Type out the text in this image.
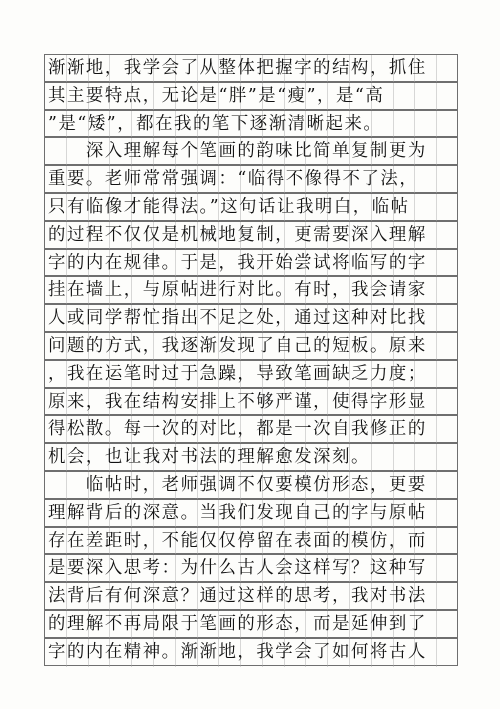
渐渐地，我学会了从整体把握字的结构，抓住
其主要特点，无论是“胖”是“瘦”，是“高
”是“矮”，都在我的笔下逐渐清晰起来。
　　深入理解每个笔画的韵味比简单复制更为
重要。老师常常强调：“临得不像得不了法，
只有临像才能得法。”这句话让我明白，临帖
的过程不仅仅是机械地复制，更需要深入理解
字的内在规律。于是，我开始尝试将临写的字
挂在墙上，与原帖进行对比。有时，我会请家
人或同学帮忙指出不足之处，通过这种对比找
问题的方式，我逐渐发现了自己的短板。原来
，我在运笔时过于急躁，导致笔画缺乏力度；
原来，我在结构安排上不够严谨，使得字形显
得松散。每一次的对比，都是一次自我修正的
机会，也让我对书法的理解愈发深刻。
　　临帖时，老师强调不仅要模仿形态，更要
理解背后的深意。当我们发现自己的字与原帖
存在差距时，不能仅仅停留在表面的模仿，而
是要深入思考：为什么古人会这样写？这种写
法背后有何深意？通过这样的思考，我对书法
的理解不再局限于笔画的形态，而是延伸到了
字的内在精神。渐渐地，我学会了如何将古人
